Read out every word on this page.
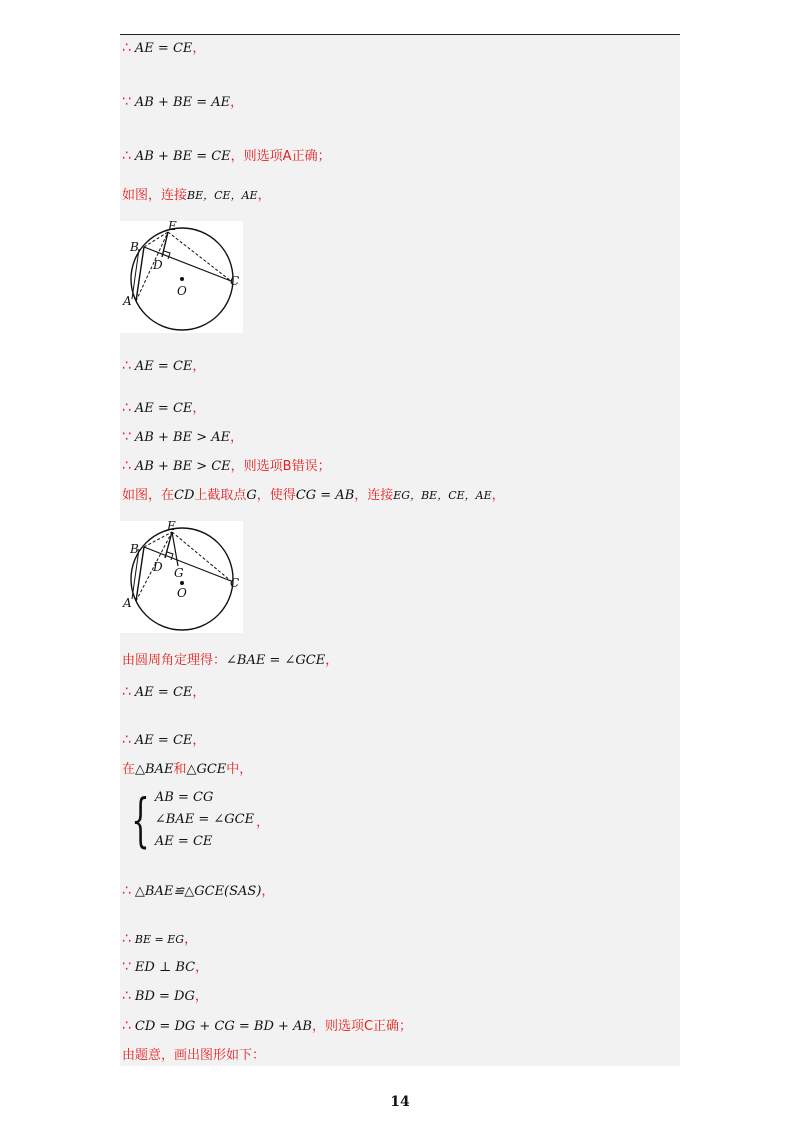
∴ AE = CE，
∵ AB + BE = AE，
∴ AB + BE = CE，则选项A正确；
如图，连接BE，CE，AE，
E
B
D
A
O
C
∴ AE = CE，
∴ AE = CE，
∵ AB + BE > AE，
∴ AB + BE > CE，则选项B错误；
如图，在CD上截取点G，使得CG = AB，连接EG，BE，CE，AE，
E
B
D G
A
O
C
由圆周角定理得：∠BAE = ∠GCE，
∴ AE = CE，
∴ AE = CE，
在△BAE和△GCE中，
{ AB = CG
∠BAE = ∠GCE
AE = CE
，
∴ △BAE≌△GCE(SAS)，
∴ BE = EG，
∵ ED ⊥ BC，
∴ BD = DG，
∴ CD = DG + CG = BD + AB，则选项C正确；
由题意，画出图形如下：
14
